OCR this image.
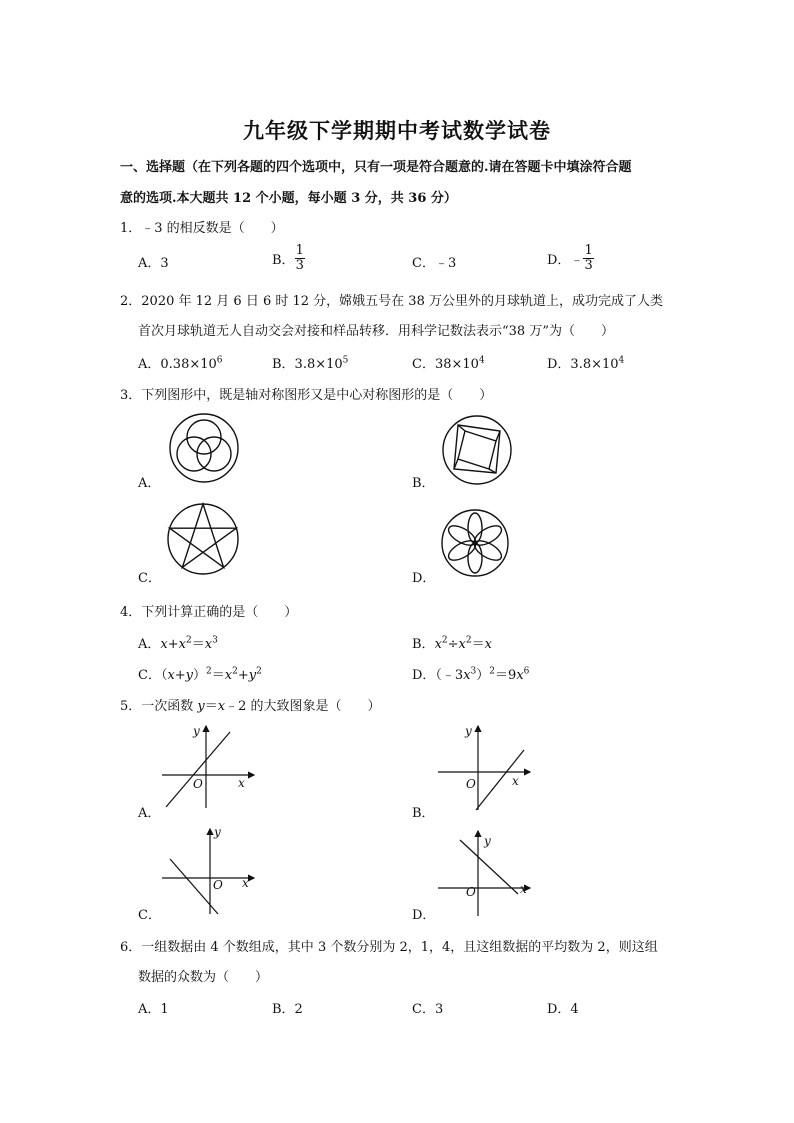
九年级下学期期中考试数学试卷
一、选择题（在下列各题的四个选项中，只有一项是符合题意的.请在答题卡中填涂符合题
意的选项.本大题共 12 个小题，每小题 3 分，共 36 分）
1．﹣3 的相反数是（　　）
A．3	B． $\frac{1}{3}$	C．﹣3	D．﹣ $\frac{1}{3}$
2．2020 年 12 月 6 日 6 时 12 分，嫦娥五号在 38 万公里外的月球轨道上，成功完成了人类
首次月球轨道无人自动交会对接和样品转移．用科学记数法表示“38 万”为（　　）
A．$0.38\times 10^6$	B．$3.8\times 10^5$	C．$38\times 10^4$	D．$3.8\times 10^4$
3．下列图形中，既是轴对称图形又是中心对称图形的是（　　）
A．	B．
C．	D．
4．下列计算正确的是（　　）
A．$x+x^2=x^3$	B．$x^2\div x^2=x$
C．$(x+y)^2=x^2+y^2$	D．$(﹣3x^3)^2=9x^6$
5．一次函数 y＝x﹣2 的大致图象是（　　）
y
x
O
A．
y
x
O
B．
y
x
O
C．
y
x
O
D．
6．一组数据由 4 个数组成，其中 3 个数分别为 2，1，4，且这组数据的平均数为 2，则这组
数据的众数为（　　）
A．1	B．2	C．3	D．4
